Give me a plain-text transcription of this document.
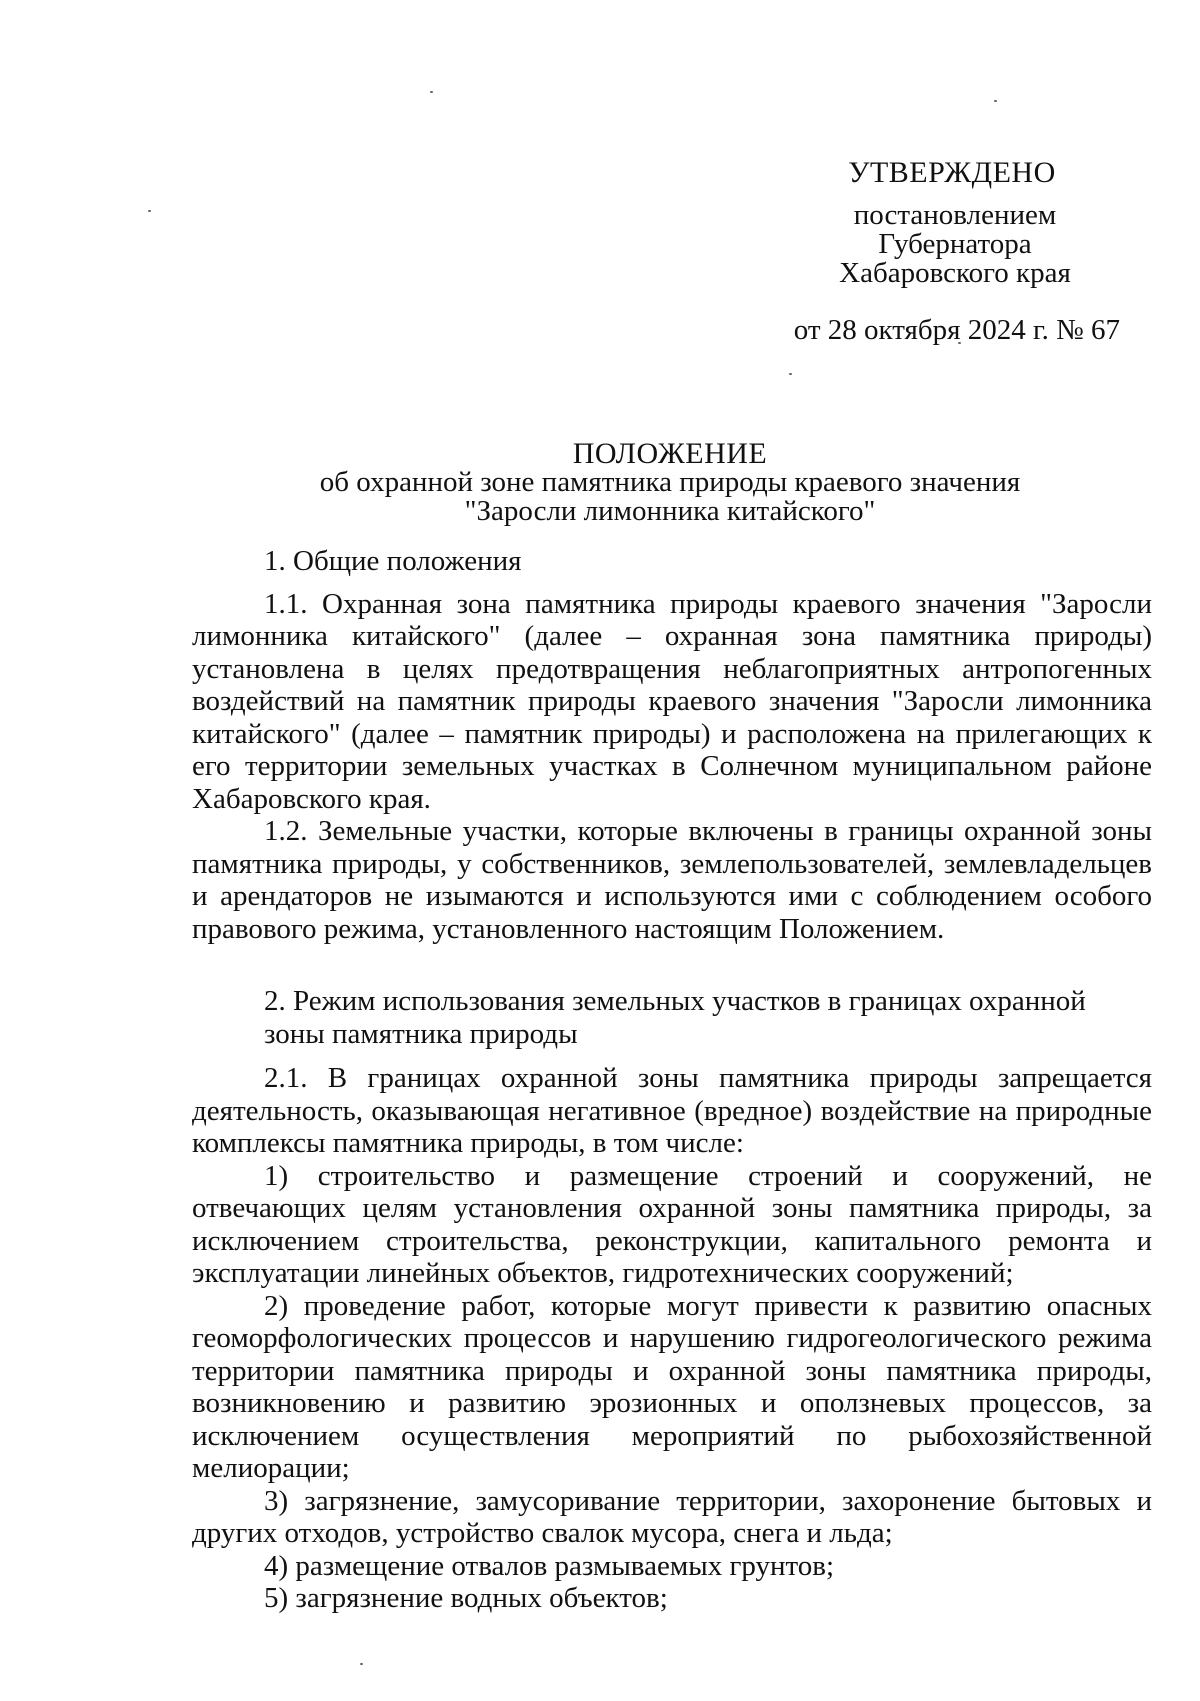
УТВЕРЖДЕНО
постановлением
Губернатора
Хабаровского края
от 28 октября 2024 г. № 67
ПОЛОЖЕНИЕ
об охранной зоне памятника природы краевого значения
"Заросли лимонника китайского"

1. Общие положения

1.1. Охранная зона памятника природы краевого значения "Заросли лимонника китайского" (далее – охранная зона памятника природы) установлена в целях предотвращения неблагоприятных антропогенных воздействий на памятник природы краевого значения "Заросли лимонника китайского" (далее – памятник природы) и расположена на прилегающих к его территории земельных участках в Солнечном муниципальном районе Хабаровского края.

1.2. Земельные участки, которые включены в границы охранной зоны памятника природы, у собственников, землепользователей, землевладельцев и арендаторов не изымаются и используются ими с соблюдением особого правового режима, установленного настоящим Положением.

2. Режим использования земельных участков в границах охранной зоны памятника природы

2.1. В границах охранной зоны памятника природы запрещается деятельность, оказывающая негативное (вредное) воздействие на природные комплексы памятника природы, в том числе:

1) строительство и размещение строений и сооружений, не отвечающих целям установления охранной зоны памятника природы, за исключением строительства, реконструкции, капитального ремонта и эксплуатации линейных объектов, гидротехнических сооружений;

2) проведение работ, которые могут привести к развитию опасных геоморфологических процессов и нарушению гидрогеологического режима территории памятника природы и охранной зоны памятника природы, возникновению и развитию эрозионных и оползневых процессов, за исключением осуществления мероприятий по рыбохозяйственной мелиорации;

3) загрязнение, замусоривание территории, захоронение бытовых и других отходов, устройство свалок мусора, снега и льда;

4) размещение отвалов размываемых грунтов;

5) загрязнение водных объектов;
